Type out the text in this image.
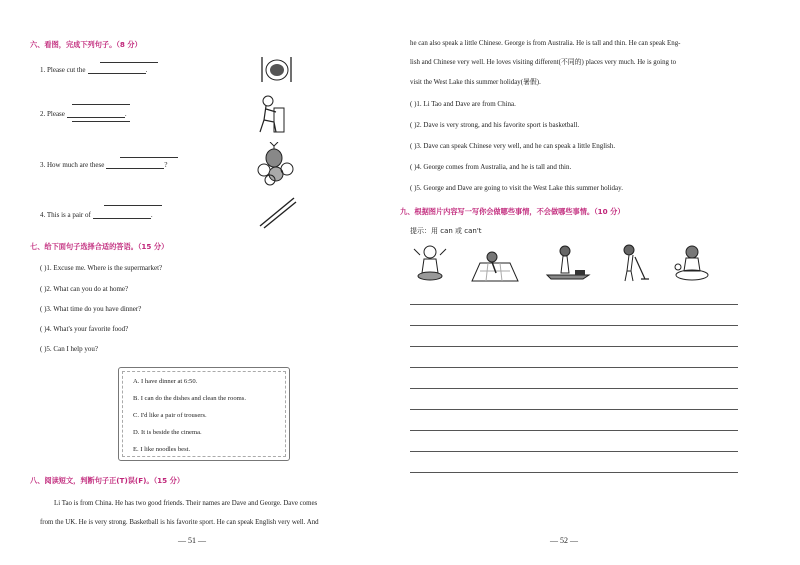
六、看图，完成下列句子。（8 分）
1. Please cut the	.
2. Please	.
3. How much are these	?
4. This is a pair of	.
七、给下面句子选择合适的答语。（15 分）
( )1. Excuse me. Where is the supermarket?
( )2. What can you do at home?
( )3. What time do you have dinner?
( )4. What's your favorite food?
( )5. Can I help you?
A. I have dinner at 6:50.
B. I can do the dishes and clean the rooms.
C. I'd like a pair of trousers.
D. It is beside the cinema.
E. I like noodles best.
八、阅读短文，判断句子正(T)误(F)。（15 分）
Li Tao is from China. He has two good friends. Their names are Dave and George. Dave comes
from the UK. He is very strong. Basketball is his favorite sport. He can speak English very well. And
— 51 —
he can also speak a little Chinese. George is from Australia. He is tall and thin. He can speak Eng-
lish and Chinese very well. He loves visiting different(不同的) places very much. He is going to
visit the West Lake this summer holiday(暑假).
( )1. Li Tao and Dave are from China.
( )2. Dave is very strong, and his favorite sport is basketball.
( )3. Dave can speak Chinese very well, and he can speak a little English.
( )4. George comes from Australia, and he is tall and thin.
( )5. George and Dave are going to visit the West Lake this summer holiday.
九、根据图片内容写一写你会做哪些事情，不会做哪些事情。（10 分）
提示：用 can 或 can't
— 52 —
